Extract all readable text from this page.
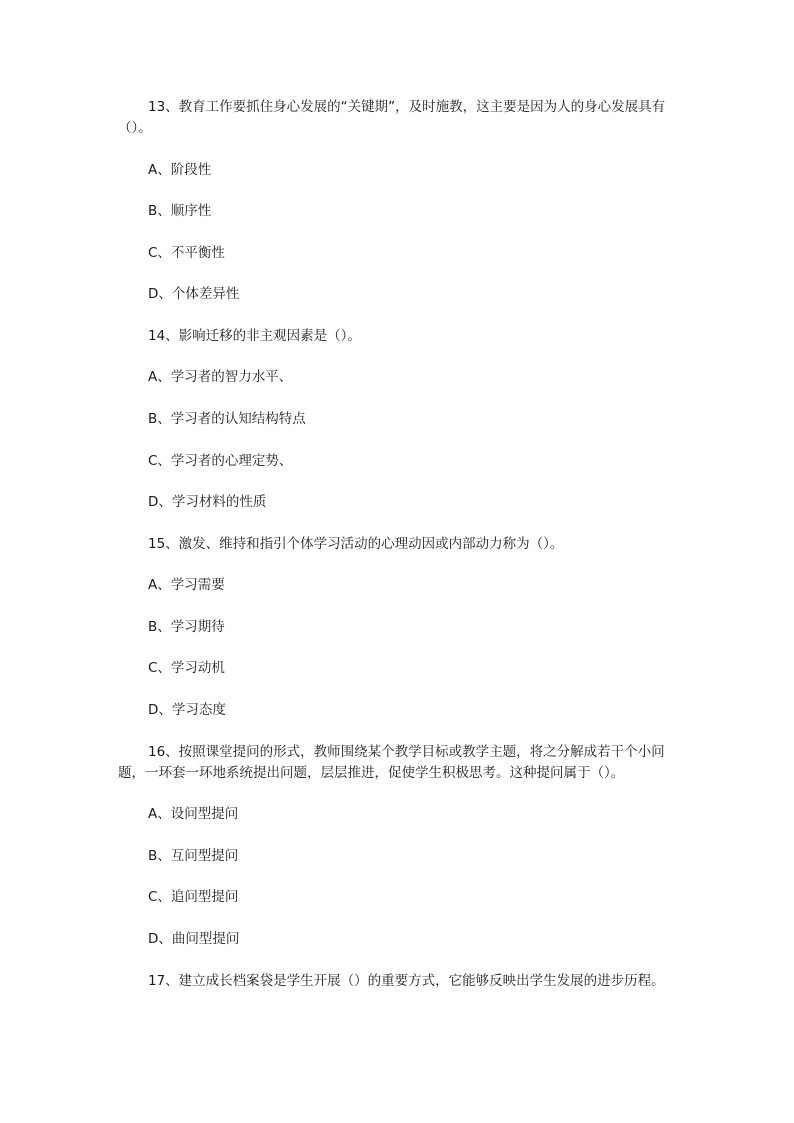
13、教育工作要抓住身心发展的“关键期”，及时施教，这主要是因为人的身心发展具有（）。

A、阶段性

B、顺序性

C、不平衡性

D、个体差异性

14、影响迁移的非主观因素是（）。

A、学习者的智力水平、

B、学习者的认知结构特点

C、学习者的心理定势、

D、学习材料的性质

15、激发、维持和指引个体学习活动的心理动因或内部动力称为（）。

A、学习需要

B、学习期待

C、学习动机

D、学习态度

16、按照课堂提问的形式，教师围绕某个教学目标或教学主题，将之分解成若干个小问题，一环套一环地系统提出问题，层层推进，促使学生积极思考。这种提问属于（）。

A、设问型提问

B、互问型提问

C、追问型提问

D、曲问型提问

17、建立成长档案袋是学生开展（）的重要方式，它能够反映出学生发展的进步历程。
